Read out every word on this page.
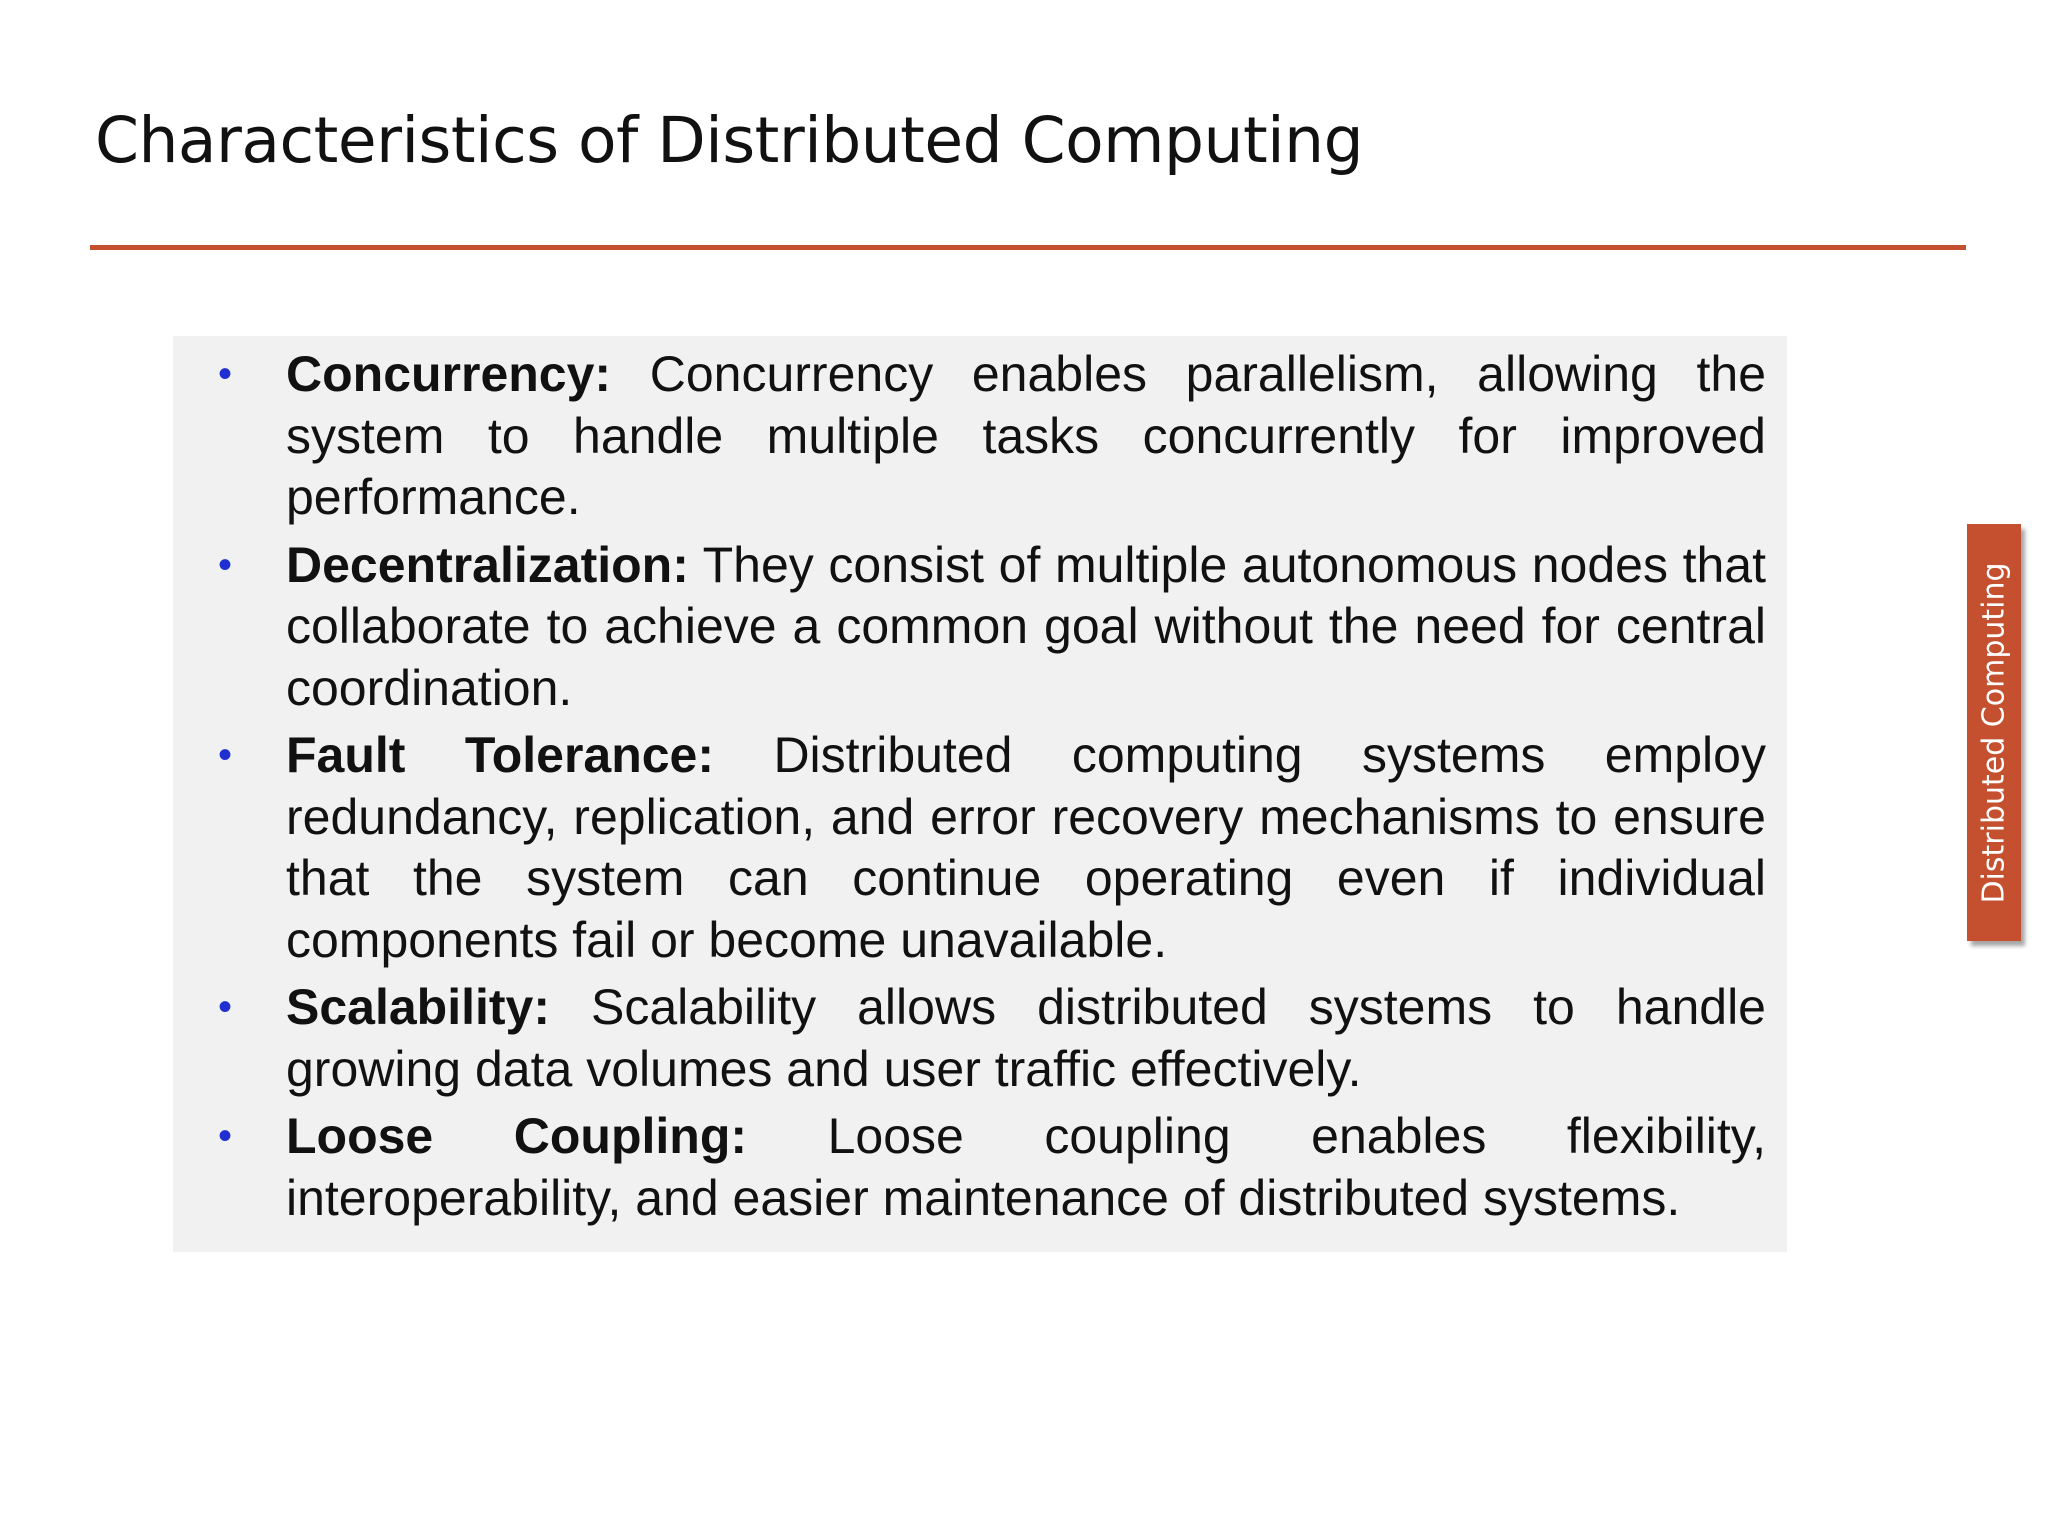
Characteristics of Distributed Computing
• Concurrency: Concurrency enables parallelism, allowing the system to handle multiple tasks concurrently for improved performance.
• Decentralization: They consist of multiple autonomous nodes that collaborate to achieve a common goal without the need for central coordination.
• Fault Tolerance: Distributed computing systems employ redundancy, replication, and error recovery mechanisms to ensure that the system can continue operating even if individual components fail or become unavailable.
• Scalability: Scalability allows distributed systems to handle growing data volumes and user traffic effectively.
• Loose Coupling: Loose coupling enables flexibility, interoperability, and easier maintenance of distributed systems.
Distributed Computing
